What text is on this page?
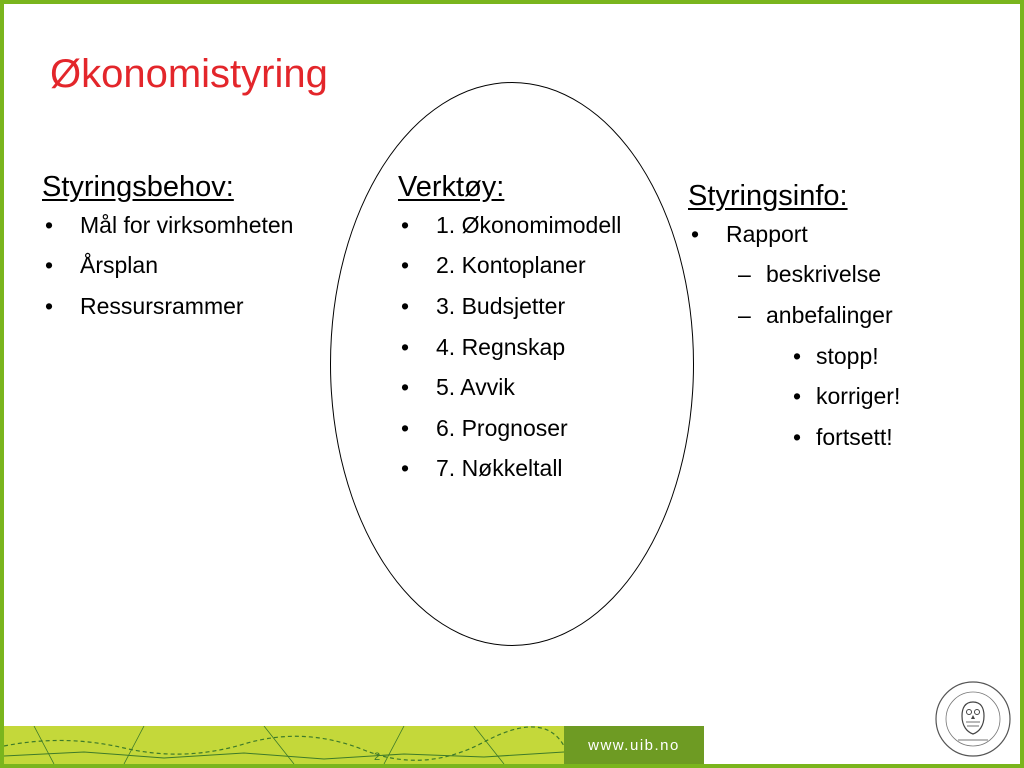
Økonomistyring
Styringsbehov:
• Mål for virksomheten
• Årsplan
• Ressursrammer
Verktøy:
• 1. Økonomimodell
• 2. Kontoplaner
• 3. Budsjetter
• 4. Regnskap
• 5. Avvik
• 6. Prognoser
• 7. Nøkkeltall
Styringsinfo:
• Rapport
– beskrivelse
– anbefalinger
• stopp!
• korriger!
• fortsett!
2
www.uib.no
